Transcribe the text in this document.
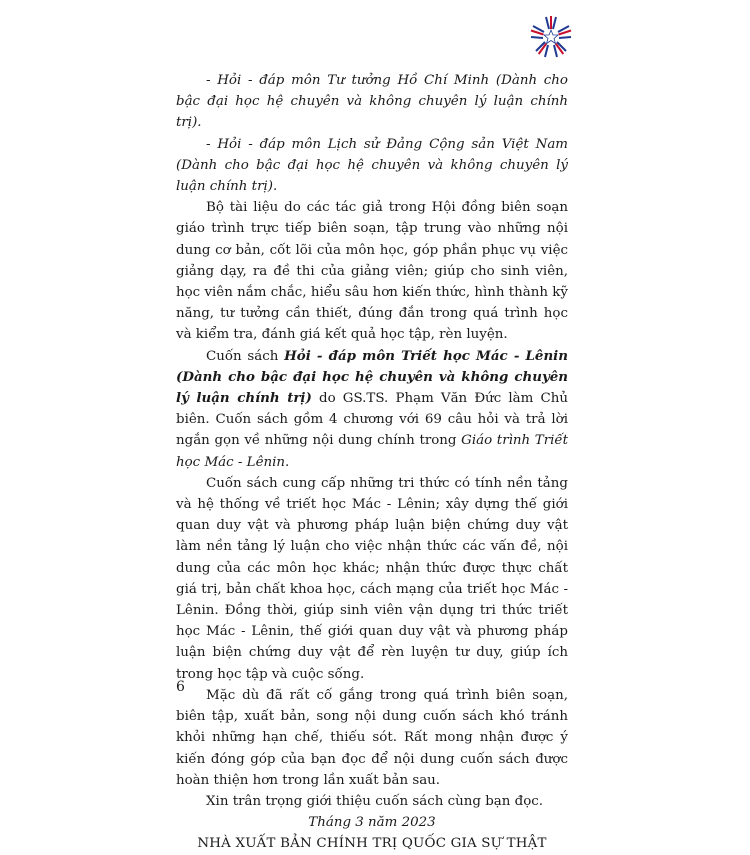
- Hỏi - đáp môn Tư tưởng Hồ Chí Minh (Dành cho bậc đại học hệ chuyên và không chuyên lý luận chính trị).

- Hỏi - đáp môn Lịch sử Đảng Cộng sản Việt Nam (Dành cho bậc đại học hệ chuyên và không chuyên lý luận chính trị).

Bộ tài liệu do các tác giả trong Hội đồng biên soạn giáo trình trực tiếp biên soạn, tập trung vào những nội dung cơ bản, cốt lõi của môn học, góp phần phục vụ việc giảng dạy, ra đề thi của giảng viên; giúp cho sinh viên, học viên nắm chắc, hiểu sâu hơn kiến thức, hình thành kỹ năng, tư tưởng cần thiết, đúng đắn trong quá trình học và kiểm tra, đánh giá kết quả học tập, rèn luyện.

Cuốn sách Hỏi - đáp môn Triết học Mác - Lênin (Dành cho bậc đại học hệ chuyên và không chuyên lý luận chính trị) do GS.TS. Phạm Văn Đức làm Chủ biên. Cuốn sách gồm 4 chương với 69 câu hỏi và trả lời ngắn gọn về những nội dung chính trong Giáo trình Triết học Mác - Lênin.

Cuốn sách cung cấp những tri thức có tính nền tảng và hệ thống về triết học Mác - Lênin; xây dựng thế giới quan duy vật và phương pháp luận biện chứng duy vật làm nền tảng lý luận cho việc nhận thức các vấn đề, nội dung của các môn học khác; nhận thức được thực chất giá trị, bản chất khoa học, cách mạng của triết học Mác - Lênin. Đồng thời, giúp sinh viên vận dụng tri thức triết học Mác - Lênin, thế giới quan duy vật và phương pháp luận biện chứng duy vật để rèn luyện tư duy, giúp ích trong học tập và cuộc sống.

Mặc dù đã rất cố gắng trong quá trình biên soạn, biên tập, xuất bản, song nội dung cuốn sách khó tránh khỏi những hạn chế, thiếu sót. Rất mong nhận được ý kiến đóng góp của bạn đọc để nội dung cuốn sách được hoàn thiện hơn trong lần xuất bản sau.

Xin trân trọng giới thiệu cuốn sách cùng bạn đọc.

Tháng 3 năm 2023

NHÀ XUẤT BẢN CHÍNH TRỊ QUỐC GIA SỰ THẬT

6
